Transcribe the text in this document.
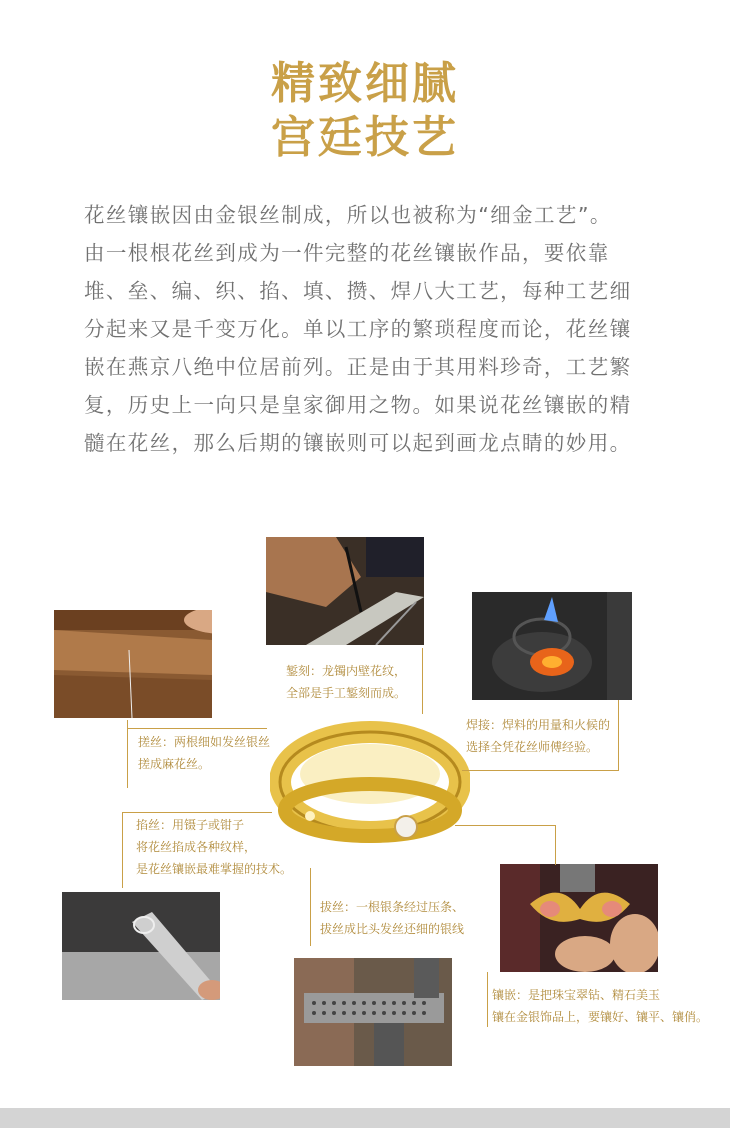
精致细腻
宫廷技艺
花丝镶嵌因由金银丝制成，所以也被称为“细金工艺”。
由一根根花丝到成为一件完整的花丝镶嵌作品，要依靠
堆、垒、编、织、掐、填、攒、焊八大工艺，每种工艺细
分起来又是千变万化。单以工序的繁琐程度而论，花丝镶
嵌在燕京八绝中位居前列。正是由于其用料珍奇，工艺繁
复，历史上一向只是皇家御用之物。如果说花丝镶嵌的精
髓在花丝，那么后期的镶嵌则可以起到画龙点睛的妙用。
錾刻：龙镯内壁花纹，
全部是手工錾刻而成。
焊接：焊料的用量和火候的
选择全凭花丝师傅经验。
搓丝：两根细如发丝银丝
搓成麻花丝。
掐丝：用镊子或钳子
将花丝掐成各种纹样，
是花丝镶嵌最难掌握的技术。
拔丝：一根银条经过压条、
拔丝成比头发丝还细的银线
镶嵌：是把珠宝翠钻、精石美玉
镶在金银饰品上，要镶好、镶平、镶俏。
